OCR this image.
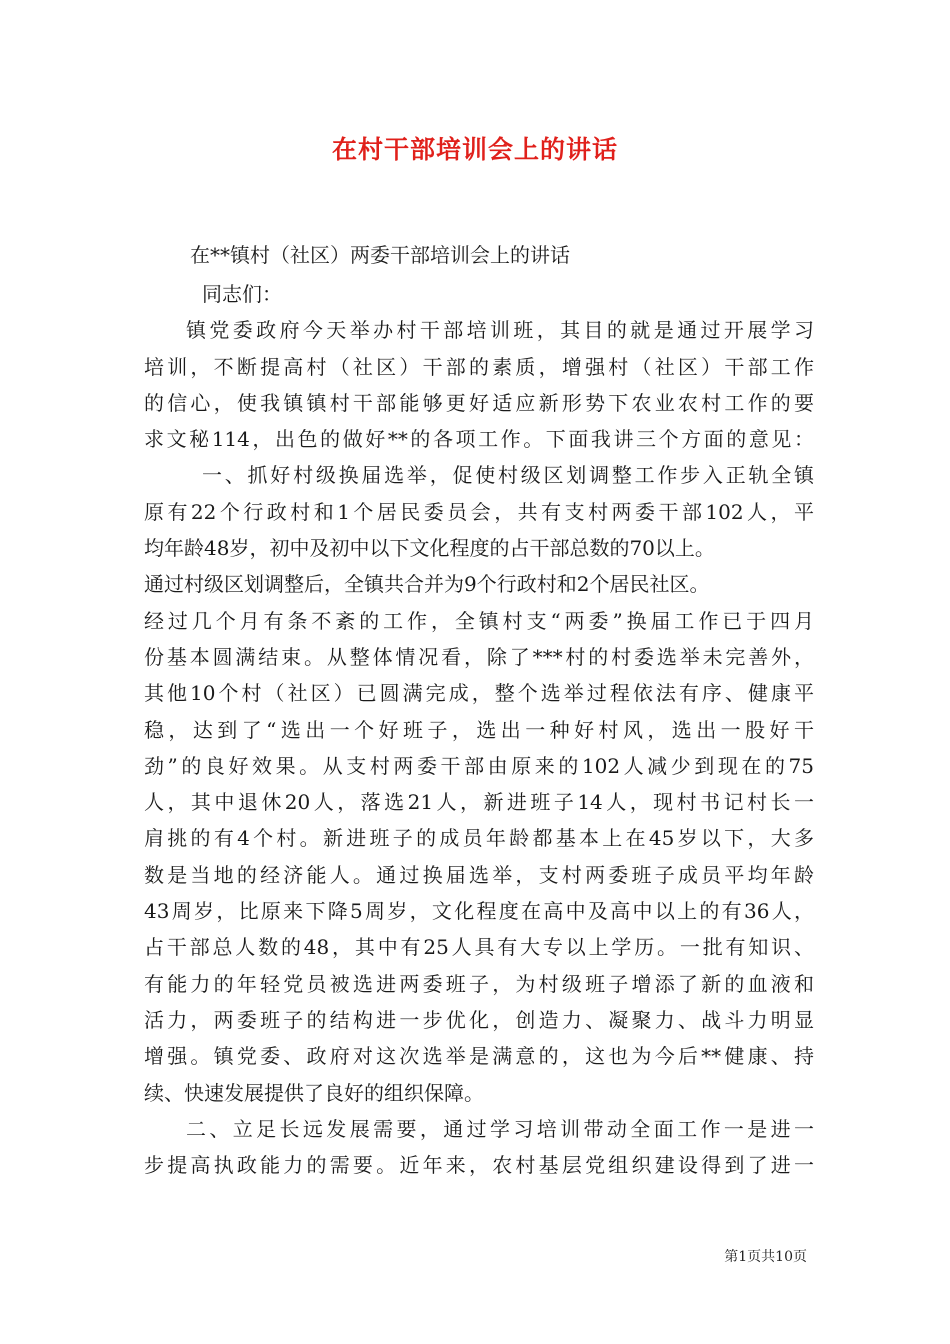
在村干部培训会上的讲话
在**镇村（社区）两委干部培训会上的讲话
同志们：
镇党委政府今天举办村干部培训班，其目的就是通过开展学习
培训，不断提高村（社区）干部的素质，增强村（社区）干部工作
的信心，使我镇镇村干部能够更好适应新形势下农业农村工作的要
求文秘114，出色的做好**的各项工作。下面我讲三个方面的意见：
一、抓好村级换届选举，促使村级区划调整工作步入正轨全镇
原有22个行政村和1个居民委员会，共有支村两委干部102人，平
均年龄48岁，初中及初中以下文化程度的占干部总数的70以上。
通过村级区划调整后，全镇共合并为9个行政村和2个居民社区。
经过几个月有条不紊的工作，全镇村支“两委”换届工作已于四月
份基本圆满结束。从整体情况看，除了***村的村委选举未完善外，
其他10个村（社区）已圆满完成，整个选举过程依法有序、健康平
稳，达到了“选出一个好班子，选出一种好村风，选出一股好干
劲”的良好效果。从支村两委干部由原来的102人减少到现在的75
人，其中退休20人，落选21人，新进班子14人，现村书记村长一
肩挑的有4个村。新进班子的成员年龄都基本上在45岁以下，大多
数是当地的经济能人。通过换届选举，支村两委班子成员平均年龄
43周岁，比原来下降5周岁，文化程度在高中及高中以上的有36人，
占干部总人数的48，其中有25人具有大专以上学历。一批有知识、
有能力的年轻党员被选进两委班子，为村级班子增添了新的血液和
活力，两委班子的结构进一步优化，创造力、凝聚力、战斗力明显
增强。镇党委、政府对这次选举是满意的，这也为今后**健康、持
续、快速发展提供了良好的组织保障。
二、立足长远发展需要，通过学习培训带动全面工作一是进一
步提高执政能力的需要。近年来，农村基层党组织建设得到了进一
第1页共10页
